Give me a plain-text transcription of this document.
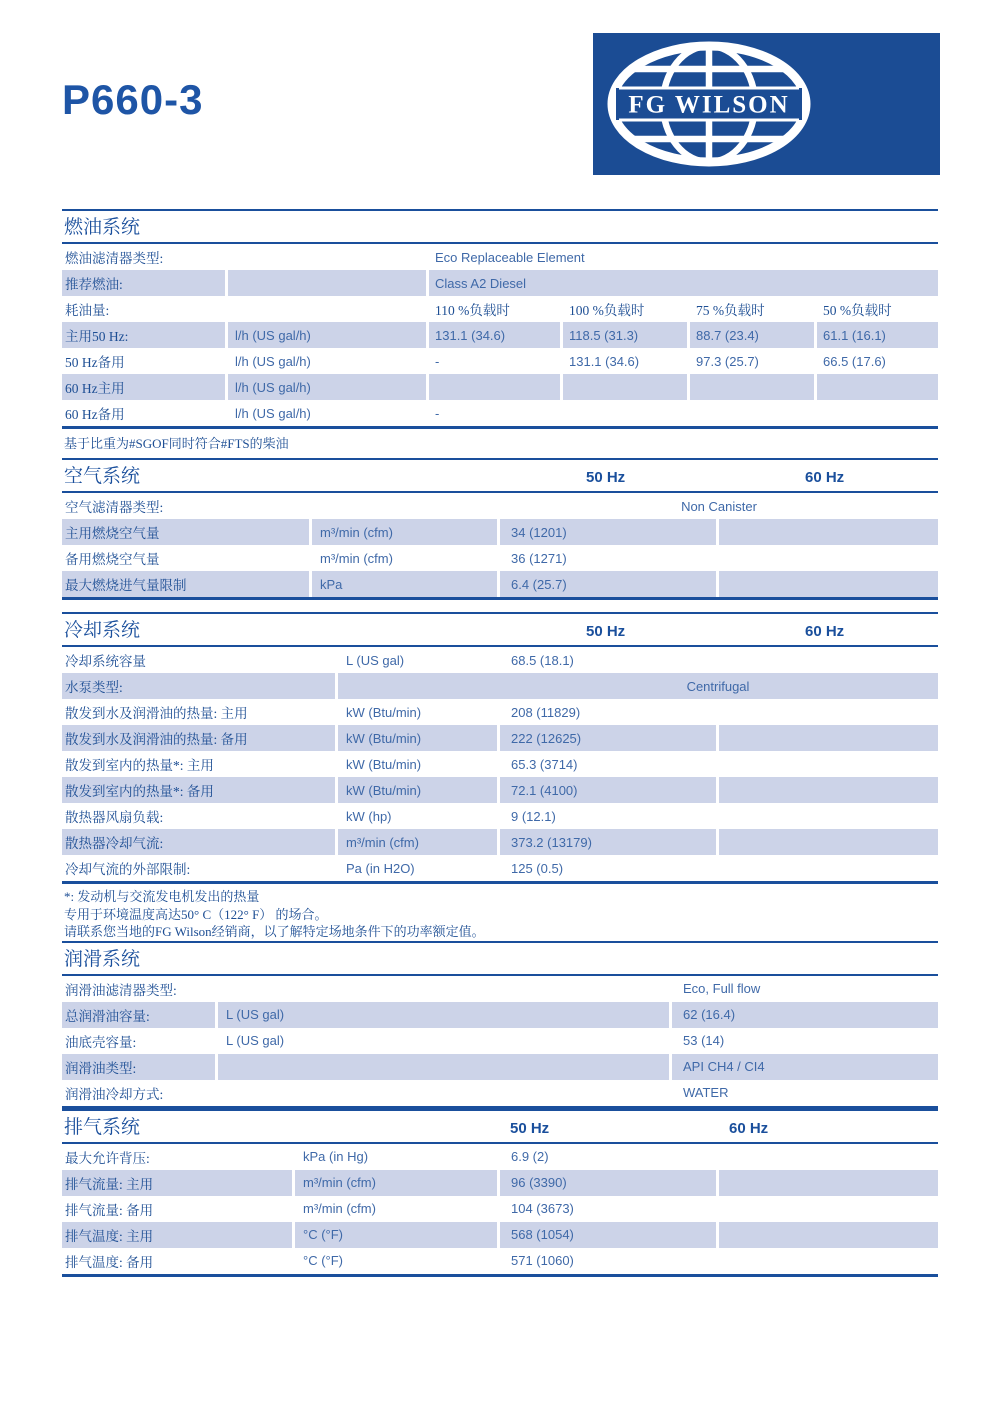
P660-3	FG WILSON
燃油系统
燃油滤清器类型:	Eco Replaceable Element
推荐燃油:	Class A2 Diesel
耗油量:	110 %负载时	100 %负载时	75 %负载时	50 %负载时
主用50 Hz:	l/h (US gal/h)	131.1 (34.6)	118.5 (31.3)	88.7 (23.4)	61.1 (16.1)
50 Hz备用	l/h (US gal/h)	-	131.1 (34.6)	97.3 (25.7)	66.5 (17.6)
60 Hz主用	l/h (US gal/h)
60 Hz备用	l/h (US gal/h)	-
基于比重为#SGOF同时符合#FTS的柴油
空气系统	50 Hz	60 Hz
空气滤清器类型:	Non Canister
主用燃烧空气量	m³/min (cfm)	34 (1201)
备用燃烧空气量	m³/min (cfm)	36 (1271)
最大燃烧进气量限制	kPa	6.4 (25.7)
冷却系统	50 Hz	60 Hz
冷却系统容量	L (US gal)	68.5 (18.1)
水泵类型:	Centrifugal
散发到水及润滑油的热量: 主用	kW (Btu/min)	208 (11829)
散发到水及润滑油的热量: 备用	kW (Btu/min)	222 (12625)
散发到室内的热量*: 主用	kW (Btu/min)	65.3 (3714)
散发到室内的热量*: 备用	kW (Btu/min)	72.1 (4100)
散热器风扇负载:	kW (hp)	9 (12.1)
散热器冷却气流:	m³/min (cfm)	373.2 (13179)
冷却气流的外部限制:	Pa (in H2O)	125 (0.5)
*: 发动机与交流发电机发出的热量
专用于环境温度高达50° C（122° F） 的场合。
请联系您当地的FG Wilson经销商，以了解特定场地条件下的功率额定值。
润滑系统
润滑油滤清器类型:	Eco, Full flow
总润滑油容量:	L (US gal)	62 (16.4)
油底壳容量:	L (US gal)	53 (14)
润滑油类型:	API CH4 / CI4
润滑油冷却方式:	WATER
排气系统	50 Hz	60 Hz
最大允许背压:	kPa (in Hg)	6.9 (2)
排气流量: 主用	m³/min (cfm)	96 (3390)
排气流量: 备用	m³/min (cfm)	104 (3673)
排气温度: 主用	°C (°F)	568 (1054)
排气温度: 备用	°C (°F)	571 (1060)
